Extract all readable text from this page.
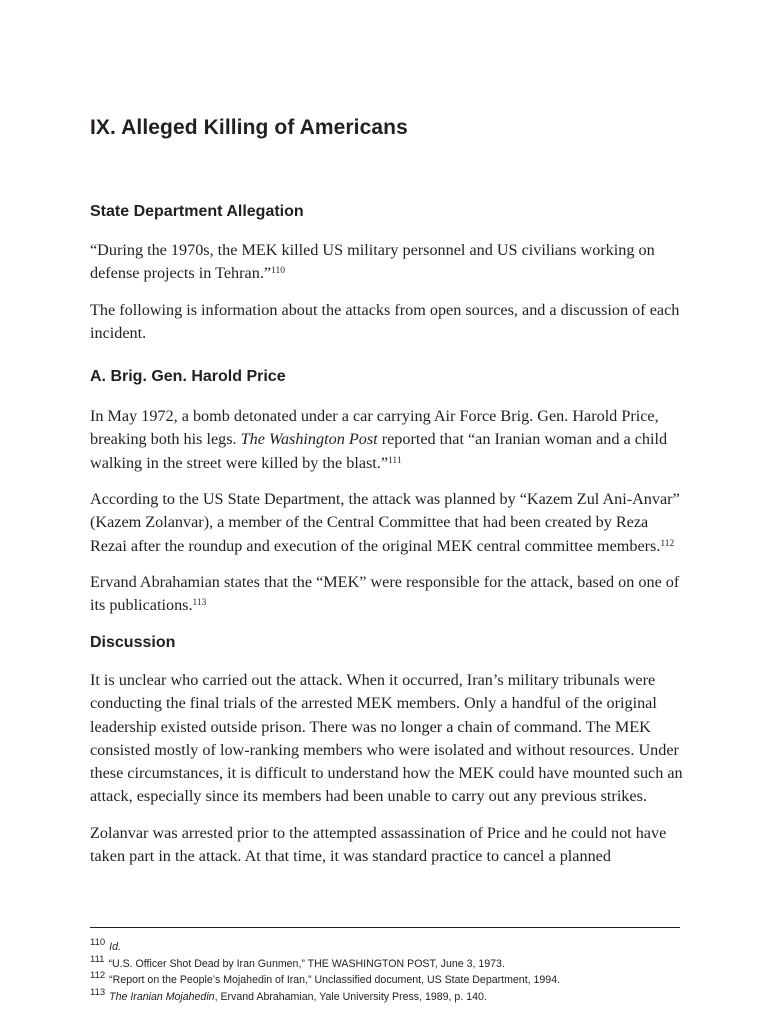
IX. Alleged Killing of Americans
State Department Allegation

“During the 1970s, the MEK killed US military personnel and US civilians working on defense projects in Tehran.”$^{110}$

The following is information about the attacks from open sources, and a discussion of each incident.

A. Brig. Gen. Harold Price

In May 1972, a bomb detonated under a car carrying Air Force Brig. Gen. Harold Price, breaking both his legs. The Washington Post reported that “an Iranian woman and a child walking in the street were killed by the blast.”$^{111}$

According to the US State Department, the attack was planned by “Kazem Zul Ani-Anvar” (Kazem Zolanvar), a member of the Central Committee that had been created by Reza Rezai after the roundup and execution of the original MEK central committee members.$^{112}$

Ervand Abrahamian states that the “MEK” were responsible for the attack, based on one of its publications.$^{113}$

Discussion

It is unclear who carried out the attack. When it occurred, Iran’s military tribunals were conducting the final trials of the arrested MEK members. Only a handful of the original leadership existed outside prison. There was no longer a chain of command. The MEK consisted mostly of low-ranking members who were isolated and without resources. Under these circumstances, it is difficult to understand how the MEK could have mounted such an attack, especially since its members had been unable to carry out any previous strikes.

Zolanvar was arrested prior to the attempted assassination of Price and he could not have taken part in the attack. At that time, it was standard practice to cancel a planned

$^{110}$ Id.

$^{111}$ “U.S. Officer Shot Dead by Iran Gunmen,” THE WASHINGTON POST, June 3, 1973.

$^{112}$ “Report on the People’s Mojahedin of Iran,” Unclassified document, US State Department, 1994.

$^{113}$ The Iranian Mojahedin, Ervand Abrahamian, Yale University Press, 1989, p. 140.
